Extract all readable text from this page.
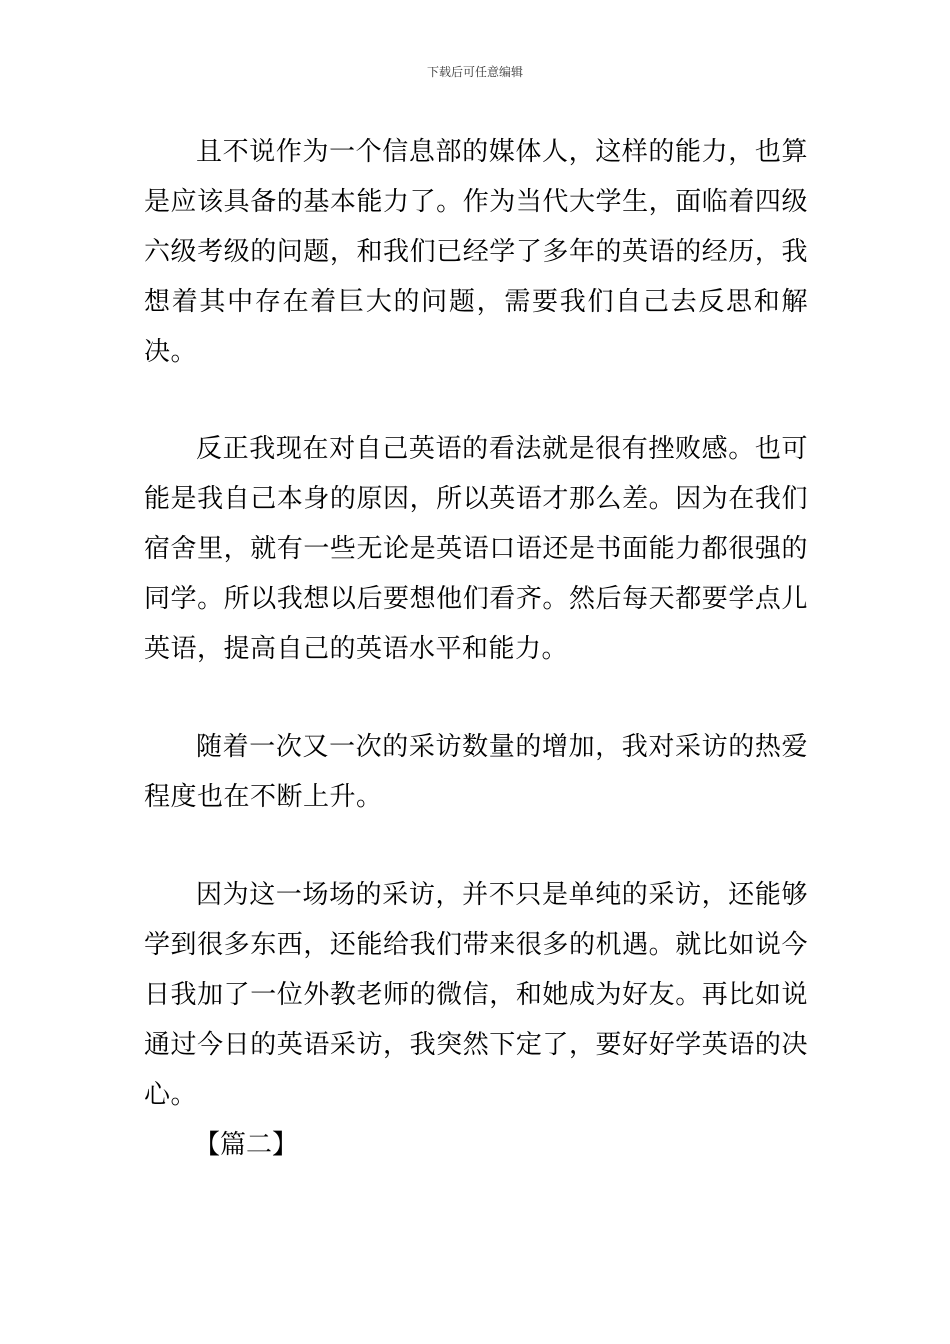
下载后可任意编辑

且不说作为一个信息部的媒体人，这样的能力，也算是应该具备的基本能力了。作为当代大学生，面临着四级六级考级的问题，和我们已经学了多年的英语的经历，我想着其中存在着巨大的问题，需要我们自己去反思和解决。

反正我现在对自己英语的看法就是很有挫败感。也可能是我自己本身的原因，所以英语才那么差。因为在我们宿舍里，就有一些无论是英语口语还是书面能力都很强的同学。所以我想以后要想他们看齐。然后每天都要学点儿英语，提高自己的英语水平和能力。

随着一次又一次的采访数量的增加，我对采访的热爱程度也在不断上升。

因为这一场场的采访，并不只是单纯的采访，还能够学到很多东西，还能给我们带来很多的机遇。就比如说今日我加了一位外教老师的微信，和她成为好友。再比如说通过今日的英语采访，我突然下定了，要好好学英语的决心。

【篇二】
